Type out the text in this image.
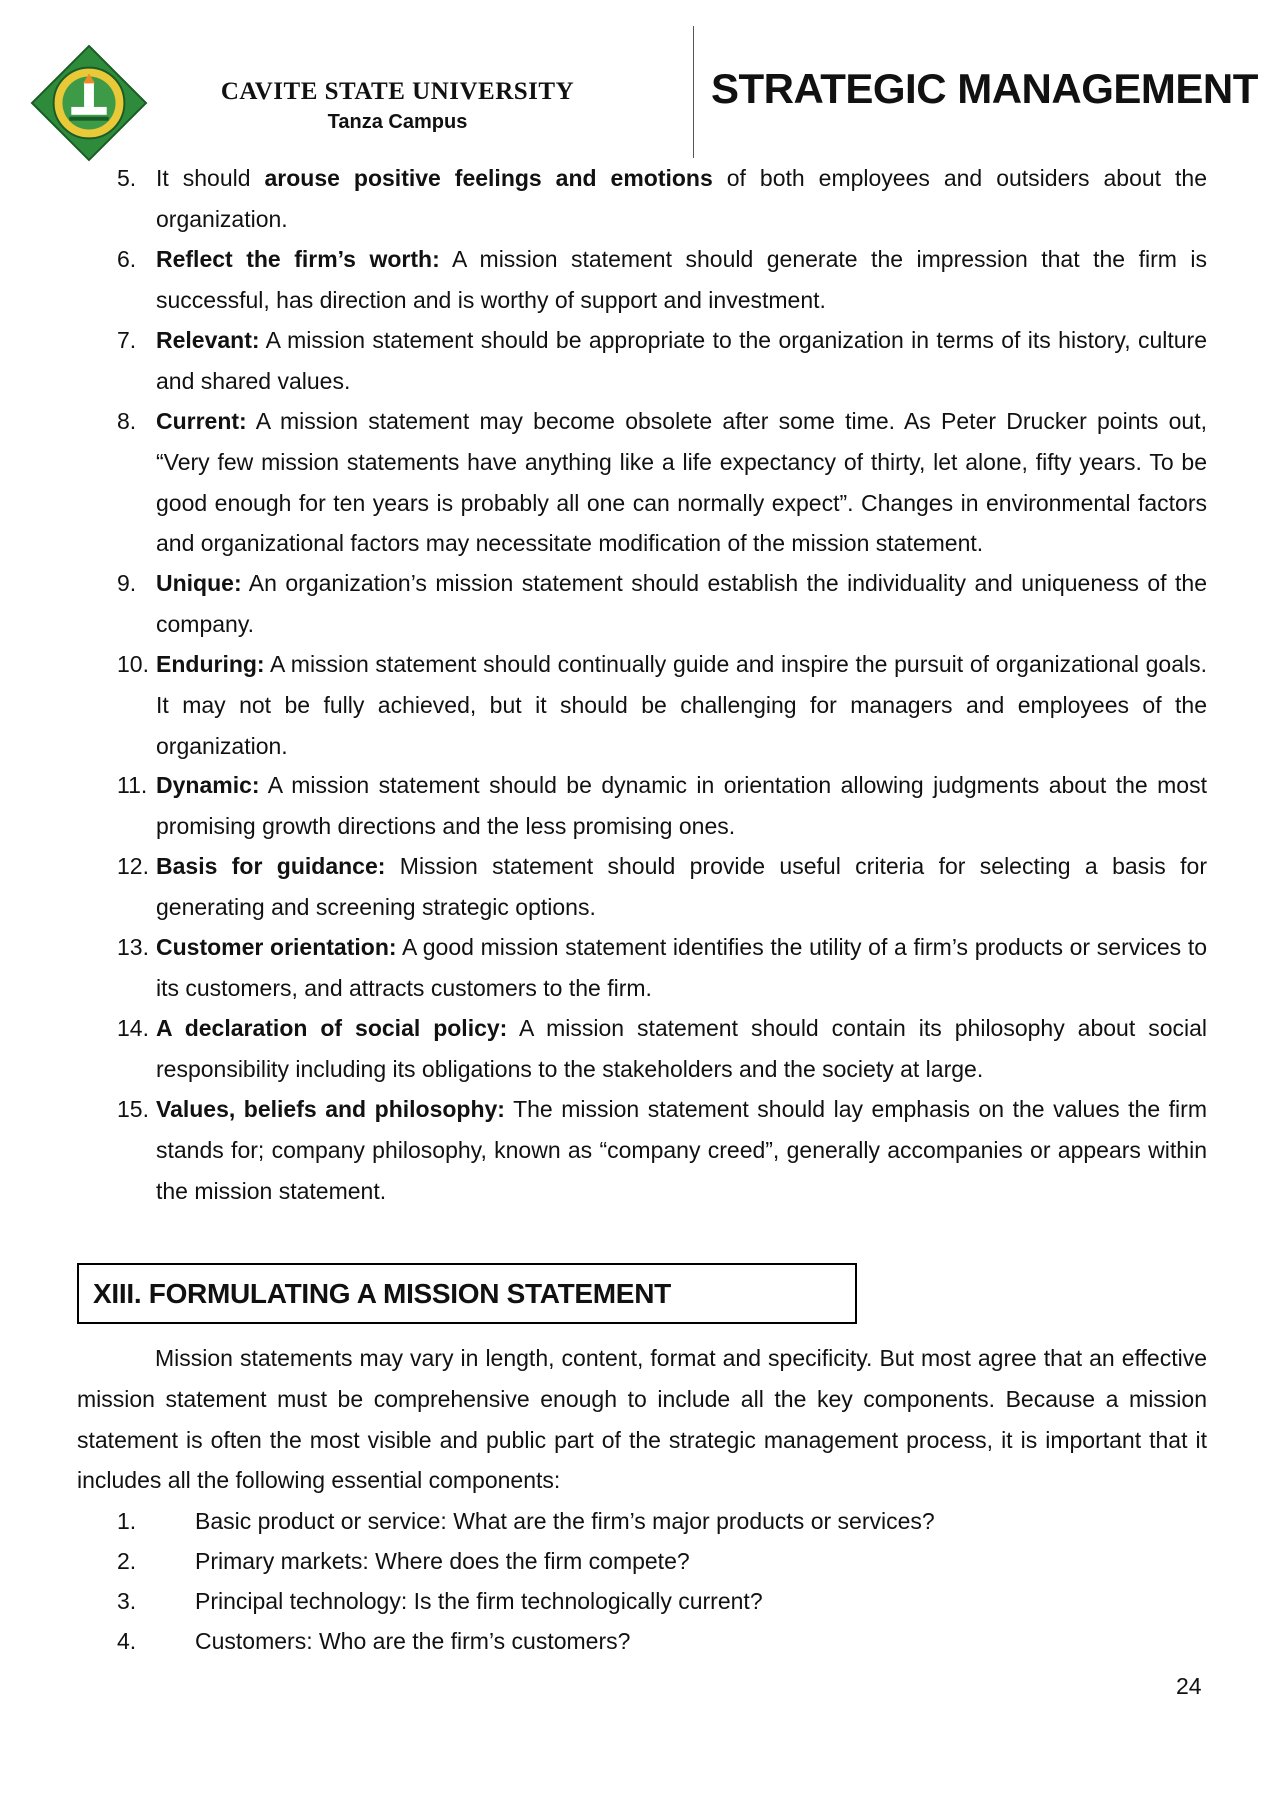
CAVITE STATE UNIVERSITY
Tanza Campus
STRATEGIC MANAGEMENT
5. It should arouse positive feelings and emotions of both employees and outsiders about the organization.
6. Reflect the firm’s worth: A mission statement should generate the impression that the firm is successful, has direction and is worthy of support and investment.
7. Relevant: A mission statement should be appropriate to the organization in terms of its history, culture and shared values.
8. Current: A mission statement may become obsolete after some time. As Peter Drucker points out, “Very few mission statements have anything like a life expectancy of thirty, let alone, fifty years. To be good enough for ten years is probably all one can normally expect”. Changes in environmental factors and organizational factors may necessitate modification of the mission statement.
9. Unique: An organization’s mission statement should establish the individuality and uniqueness of the company.
10. Enduring: A mission statement should continually guide and inspire the pursuit of organizational goals. It may not be fully achieved, but it should be challenging for managers and employees of the organization.
11. Dynamic: A mission statement should be dynamic in orientation allowing judgments about the most promising growth directions and the less promising ones.
12. Basis for guidance: Mission statement should provide useful criteria for selecting a basis for generating and screening strategic options.
13. Customer orientation: A good mission statement identifies the utility of a firm’s products or services to its customers, and attracts customers to the firm.
14. A declaration of social policy: A mission statement should contain its philosophy about social responsibility including its obligations to the stakeholders and the society at large.
15. Values, beliefs and philosophy: The mission statement should lay emphasis on the values the firm stands for; company philosophy, known as “company creed”, generally accompanies or appears within the mission statement.
XIII. FORMULATING A MISSION STATEMENT
Mission statements may vary in length, content, format and specificity. But most agree that an effective mission statement must be comprehensive enough to include all the key components. Because a mission statement is often the most visible and public part of the strategic management process, it is important that it includes all the following essential components:
1.	Basic product or service: What are the firm’s major products or services?
2.	Primary markets: Where does the firm compete?
3.	Principal technology: Is the firm technologically current?
4.	Customers: Who are the firm’s customers?
24
